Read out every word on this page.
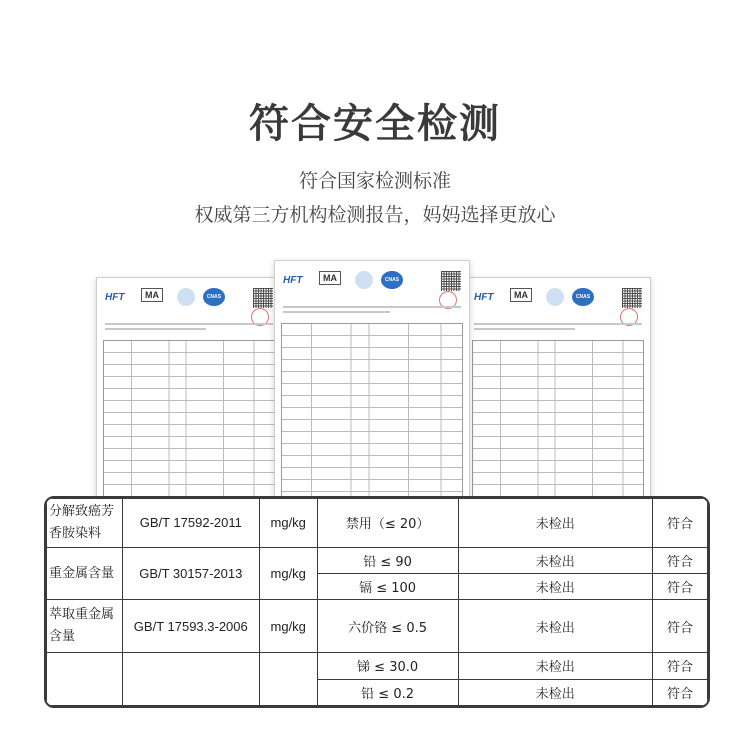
符合安全检测
符合国家检测标准
权威第三方机构检测报告，妈妈选择更放心
HFT	MA	CNAS	HFT	MA	CNAS
HFT	MA	CNAS
分解致癌芳香胺染料	GB/T 17592-2011	mg/kg	禁用（≤ 20）	未检出	符合
重金属含量	GB/T 30157-2013	mg/kg	铅 ≤ 90	未检出	符合
			镉 ≤ 100	未检出	符合
萃取重金属含量	GB/T 17593.3-2006	mg/kg	六价铬 ≤ 0.5	未检出	符合
			锑 ≤ 30.0	未检出	符合
			铅 ≤ 0.2	未检出	符合
